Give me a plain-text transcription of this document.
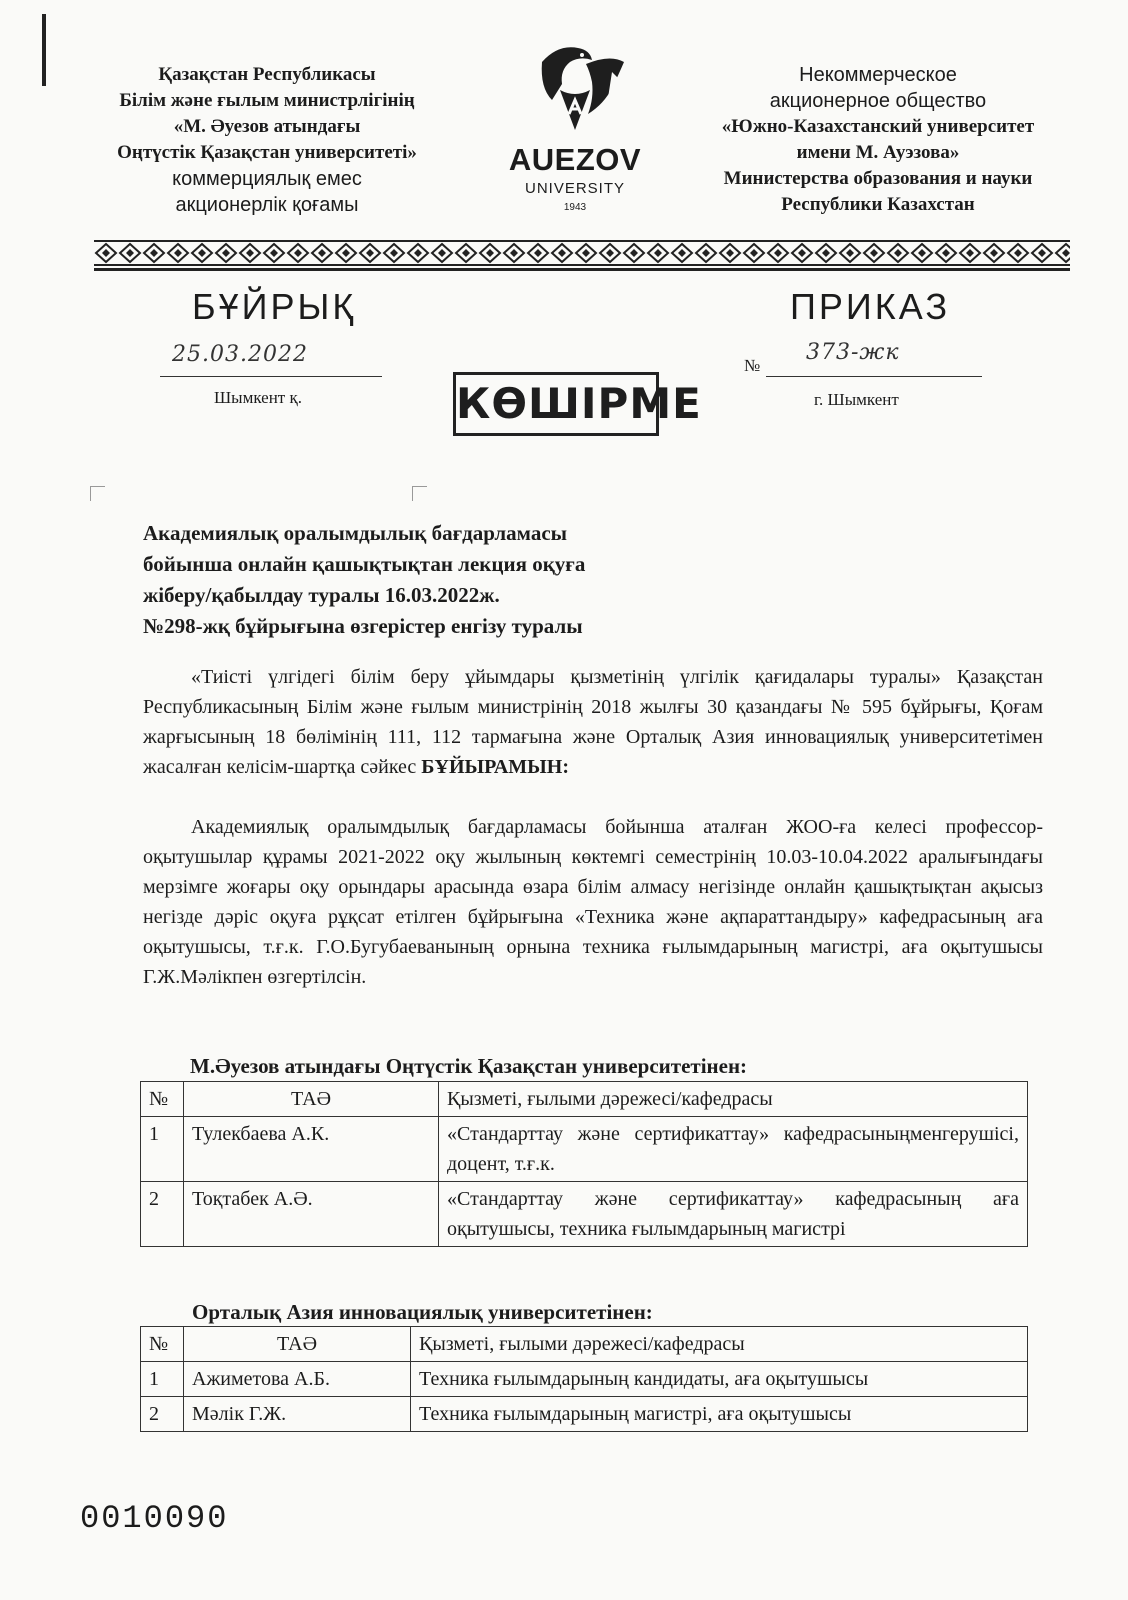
Қазақстан Республикасы
Білім және ғылым министрлігінің
«М. Әуезов атындағы
Оңтүстік Қазақстан университеті»
коммерциялық емес
акционерлік қоғамы
AUEZOV
UNIVERSITY
1943
Некоммерческое
акционерное общество
«Южно-Казахстанский университет
имени М. Ауэзова»
Министерства образования и науки
Республики Казахстан
БҰЙРЫҚ	ПРИКАЗ
25.03.2022
Шымкент қ.	КӨШІРМЕ
№
373-жк
г. Шымкент
Академиялық оралымдылық бағдарламасы
бойынша онлайн қашықтықтан лекция оқуға
жіберу/қабылдау туралы 16.03.2022ж.
№298-жқ бұйрығына өзгерістер енгізу туралы
«Тиісті үлгідегі білім беру ұйымдары қызметінің үлгілік қағидалары туралы» Қазақстан Республикасының Білім және ғылым министрінің 2018 жылғы 30 қазандағы № 595 бұйрығы, Қоғам жарғысының 18 бөлімінің 111, 112 тармағына және Орталық Азия инновациялық университетімен жасалған келісім-шартқа сәйкес БҰЙЫРАМЫН:
Академиялық оралымдылық бағдарламасы бойынша аталған ЖОО-ға келесі профессор-оқытушылар құрамы 2021-2022 оқу жылының көктемгі семестрінің 10.03-10.04.2022 аралығындағы мерзімге жоғары оқу орындары арасында өзара білім алмасу негізінде онлайн қашықтықтан ақысыз негізде дәріс оқуға рұқсат етілген бұйрығына «Техника және ақпараттандыру» кафедрасының аға оқытушысы, т.ғ.к. Г.О.Бугубаеванының орнына техника ғылымдарының магистрі, аға оқытушысы Г.Ж.Мәлікпен өзгертілсін.
М.Әуезов атындағы Оңтүстік Қазақстан университетінен:
№	ТАӘ	Қызметі, ғылыми дәрежесі/кафедрасы
1	Тулекбаева А.К.	«Стандарттау және сертификаттау» кафедрасыныңменгерушісі, доцент, т.ғ.к.
2	Тоқтабек А.Ә.	«Стандарттау және сертификаттау» кафедрасының аға оқытушысы, техника ғылымдарының магистрі
Орталық Азия инновациялық университетінен:
№	ТАӘ	Қызметі, ғылыми дәрежесі/кафедрасы
1	Ажиметова А.Б.	Техника ғылымдарының кандидаты, аға оқытушысы
2	Мәлік Г.Ж.	Техника ғылымдарының магистрі, аға оқытушысы
0010090
